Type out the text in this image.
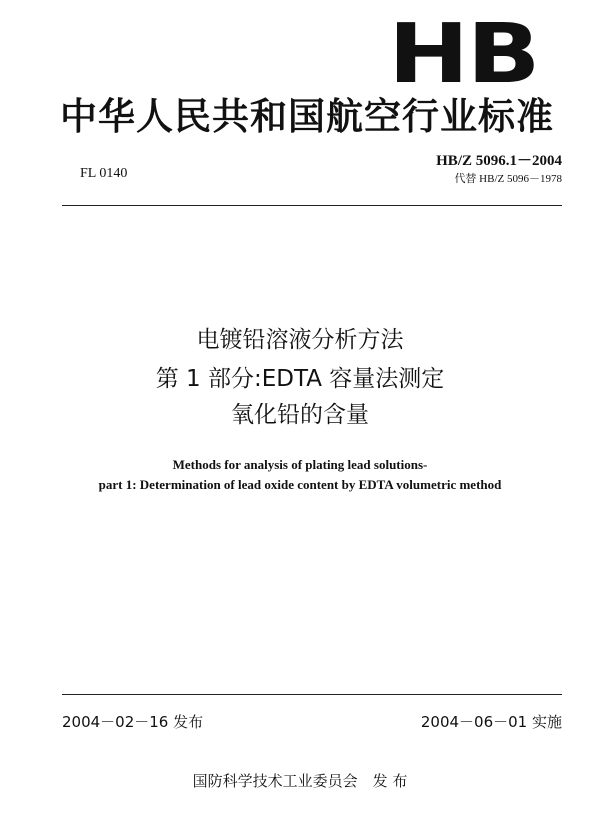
HB
中华人民共和国航空行业标准
FL 0140
HB/Z 5096.1－2004
代替 HB/Z 5096－1978
电镀铅溶液分析方法
第 1 部分:EDTA 容量法测定
氧化铅的含量
Methods for analysis of plating lead solutions-
part 1: Determination of lead oxide content by EDTA volumetric method
2004－02－16 发布	2004－06－01 实施
国防科学技术工业委员会　发 布
